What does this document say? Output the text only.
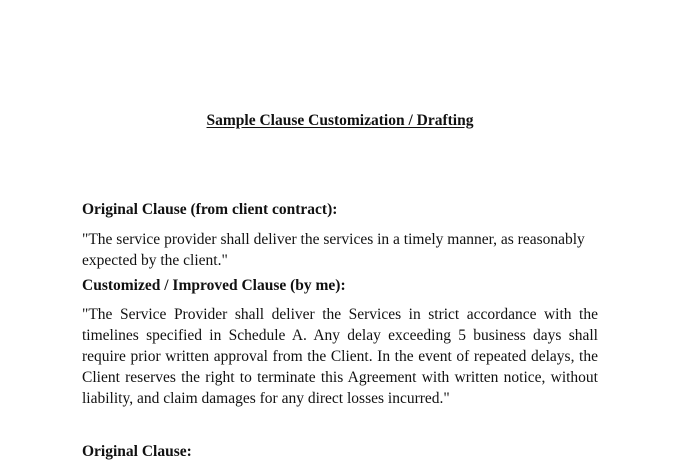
Sample Clause Customization / Drafting

Original Clause (from client contract):

"The service provider shall deliver the services in a timely manner, as reasonably expected by the client."

Customized / Improved Clause (by me):

"The Service Provider shall deliver the Services in strict accordance with the timelines specified in Schedule A. Any delay exceeding 5 business days shall require prior written approval from the Client. In the event of repeated delays, the Client reserves the right to terminate this Agreement with written notice, without liability, and claim damages for any direct losses incurred."

Original Clause:
